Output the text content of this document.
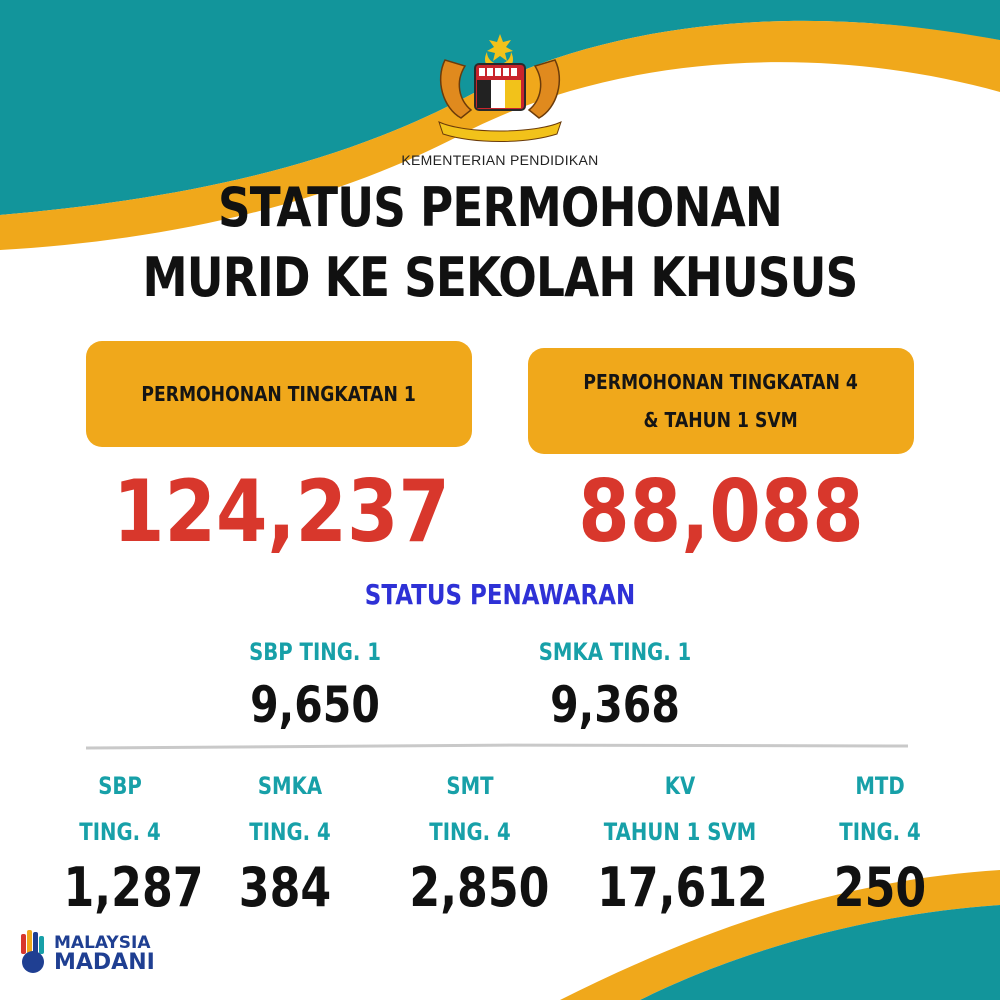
KEMENTERIAN PENDIDIKAN
STATUS PERMOHONAN
MURID KE SEKOLAH KHUSUS
PERMOHONAN TINGKATAN 1	PERMOHONAN TINGKATAN 4
& TAHUN 1 SVM
124,237 88,088
STATUS PENAWARAN
SBP TING. 1
9,650
SMKA TING. 1
9,368
SBP
TING. 4
1,287
SMKA
TING. 4
384
SMT
TING. 4
2,850
KV
TAHUN 1 SVM
17,612
MTD
TING. 4
250
MALAYSIA
MADANI
